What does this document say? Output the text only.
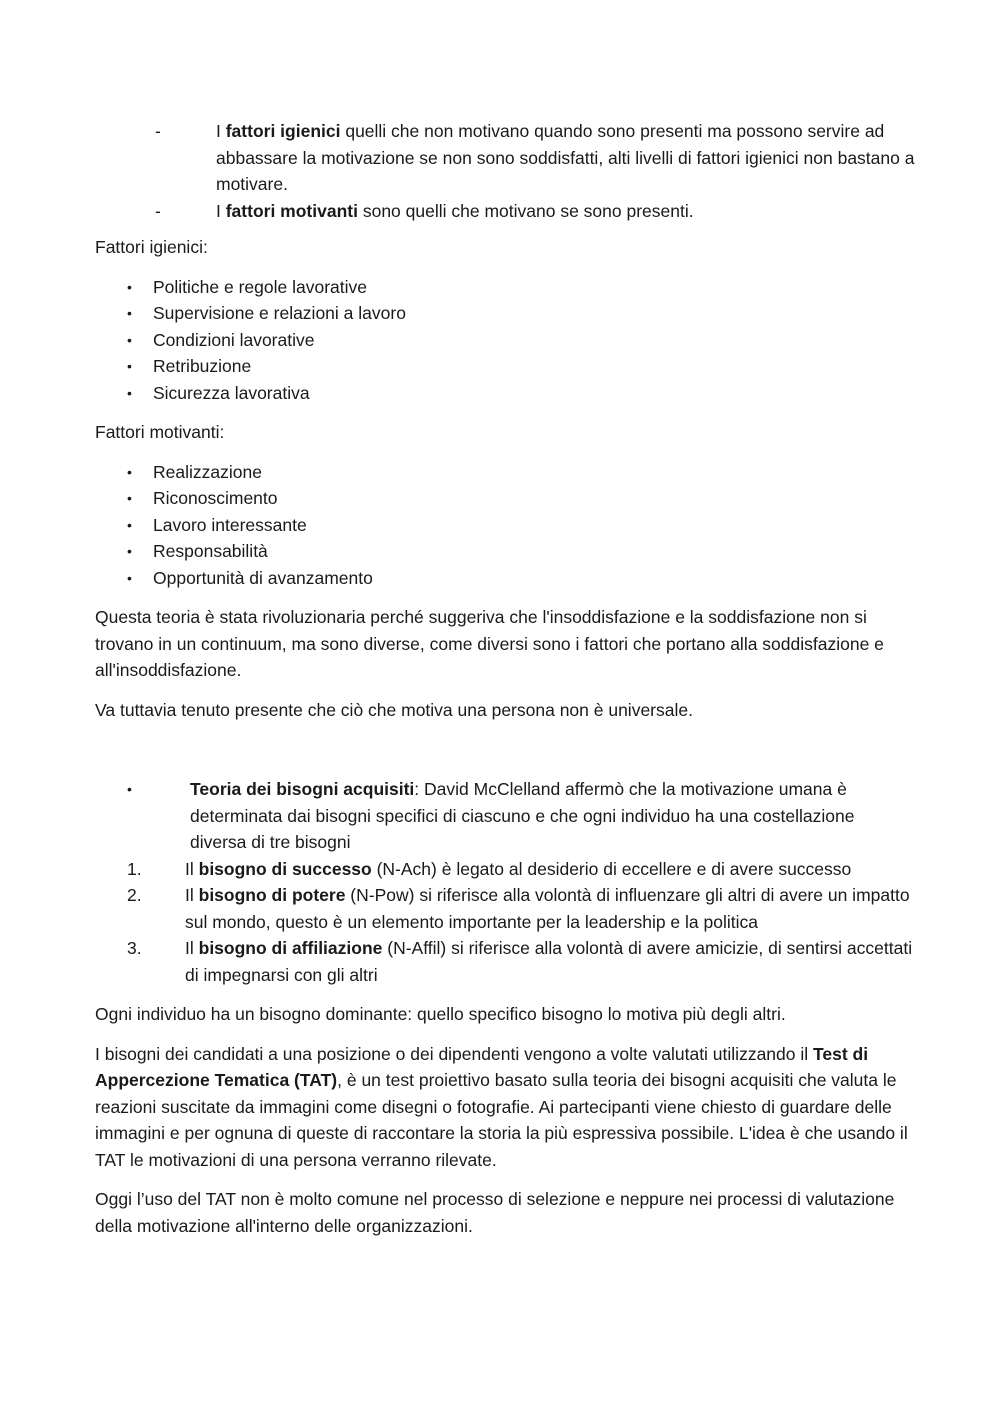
-	I fattori igienici quelli che non motivano quando sono presenti ma possono servire ad abbassare la motivazione se non sono soddisfatti, alti livelli di fattori igienici non bastano a motivare.
-	I fattori motivanti sono quelli che motivano se sono presenti.

Fattori igienici:

•	Politiche e regole lavorative
•	Supervisione e relazioni a lavoro
•	Condizioni lavorative
•	Retribuzione
•	Sicurezza lavorativa

Fattori motivanti:

•	Realizzazione
•	Riconoscimento
•	Lavoro interessante
•	Responsabilità
•	Opportunità di avanzamento

Questa teoria è stata rivoluzionaria perché suggeriva che l'insoddisfazione e la soddisfazione non si trovano in un continuum, ma sono diverse, come diversi sono i fattori che portano alla soddisfazione e all'insoddisfazione.

Va tuttavia tenuto presente che ciò che motiva una persona non è universale.

•	Teoria dei bisogni acquisiti: David McClelland affermò che la motivazione umana è determinata dai bisogni specifici di ciascuno e che ogni individuo ha una costellazione diversa di tre bisogni
1.	Il bisogno di successo (N-Ach) è legato al desiderio di eccellere e di avere successo
2.	Il bisogno di potere (N-Pow) si riferisce alla volontà di influenzare gli altri di avere un impatto sul mondo, questo è un elemento importante per la leadership e la politica
3.	Il bisogno di affiliazione (N-Affil) si riferisce alla volontà di avere amicizie, di sentirsi accettati di impegnarsi con gli altri

Ogni individuo ha un bisogno dominante: quello specifico bisogno lo motiva più degli altri.

I bisogni dei candidati a una posizione o dei dipendenti vengono a volte valutati utilizzando il Test di Appercezione Tematica (TAT), è un test proiettivo basato sulla teoria dei bisogni acquisiti che valuta le reazioni suscitate da immagini come disegni o fotografie. Ai partecipanti viene chiesto di guardare delle immagini e per ognuna di queste di raccontare la storia la più espressiva possibile. L'idea è che usando il TAT le motivazioni di una persona verranno rilevate.

Oggi l’uso del TAT non è molto comune nel processo di selezione e neppure nei processi di valutazione della motivazione all'interno delle organizzazioni.
